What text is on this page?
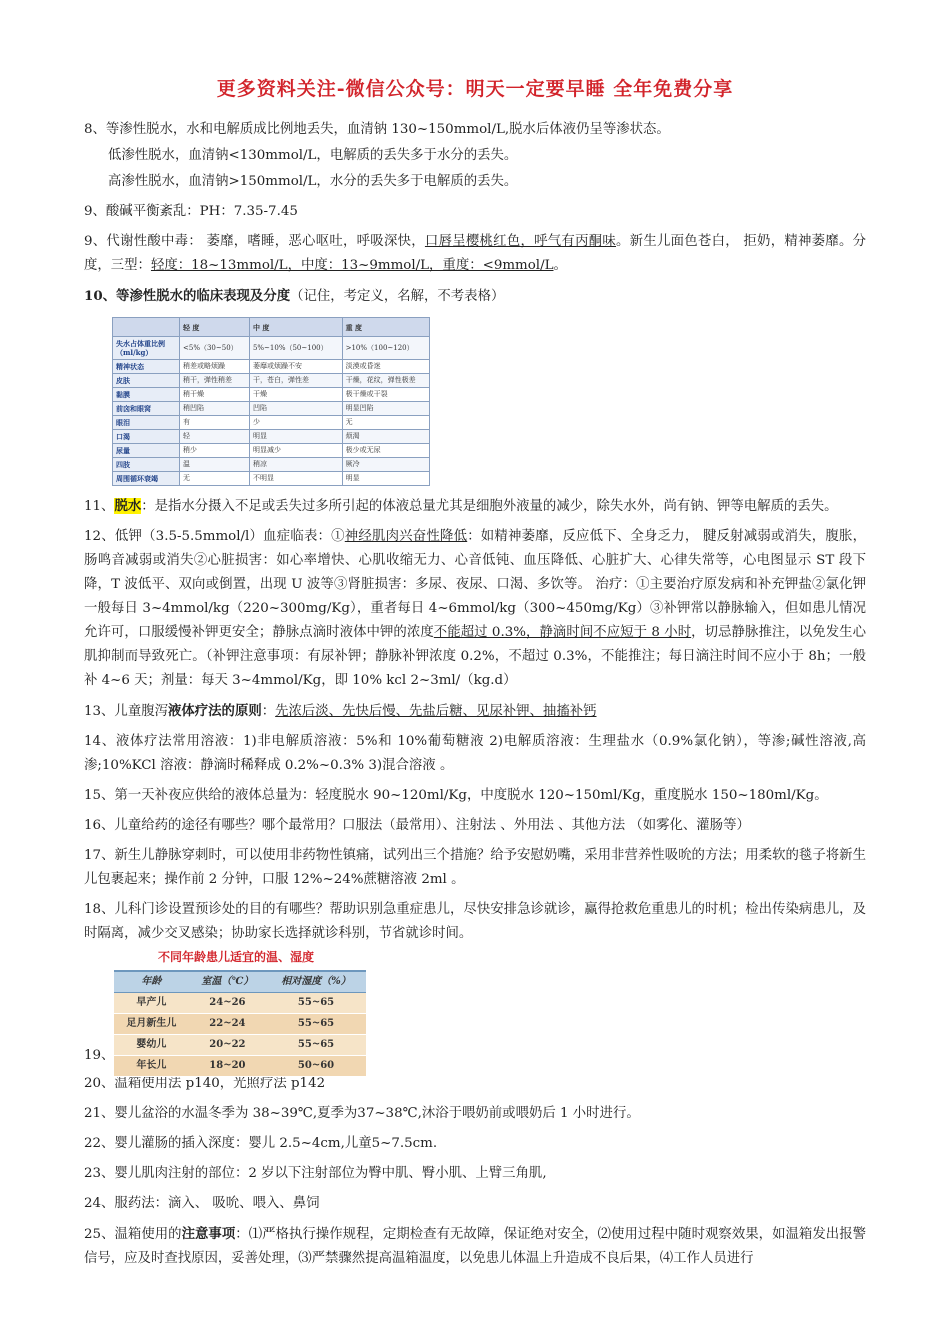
更多资料关注-微信公众号：明天一定要早睡 全年免费分享

8、等渗性脱水，水和电解质成比例地丢失，血清钠 130~150mmol/L,脱水后体液仍呈等渗状态。

低渗性脱水，血清钠<130mmol/L，电解质的丢失多于水分的丢失。

高渗性脱水，血清钠>150mmol/L，水分的丢失多于电解质的丢失。

9、酸碱平衡紊乱：PH：7.35-7.45

9、代谢性酸中毒： 萎靡，嗜睡，恶心呕吐，呼吸深快，口唇呈樱桃红色，呼气有丙酮味。新生儿面色苍白， 拒奶，精神萎靡。分度，三型：轻度：18~13mmol/L，中度：13~9mmol/L，重度：<9mmol/L。

10、等渗性脱水的临床表现及分度（记住，考定义，名解，不考表格）

	轻 度	中 度	重 度
失水占体重比例（ml/kg）	<5%（30~50）	5%~10%（50~100）	>10%（100~120）
精神状态	稍差或略烦躁	萎靡或烦躁不安	淡漠或昏迷
皮肤	稍干，弹性稍差	干，苍白，弹性差	干燥，花纹，弹性极差
黏膜	稍干燥	干燥	极干燥或干裂
前囟和眼窝	稍凹陷	凹陷	明显凹陷
眼泪	有	少	无
口渴	轻	明显	烦渴
尿量	稍少	明显减少	极少或无尿
四肢	温	稍凉	厥冷
周围循环衰竭	无	不明显	明显

11、脱水：是指水分摄入不足或丢失过多所引起的体液总量尤其是细胞外液量的减少，除失水外，尚有钠、钾等电解质的丢失。

12、低钾（3.5-5.5mmol/l）血症临表：①神经肌肉兴奋性降低：如精神萎靡，反应低下、全身乏力， 腱反射减弱或消失，腹胀，肠鸣音减弱或消失②心脏损害：如心率增快、心肌收缩无力、心音低钝、血压降低、心脏扩大、心律失常等，心电图显示 ST 段下降，T 波低平、双向或倒置，出现 U 波等③肾脏损害：多尿、夜尿、口渴、多饮等。 治疗：①主要治疗原发病和补充钾盐②氯化钾一般每日 3~4mmol/kg（220~300mg/Kg），重者每日 4~6mmol/kg（300~450mg/Kg）③补钾常以静脉输入，但如患儿情况允许可，口服缓慢补钾更安全；静脉点滴时液体中钾的浓度不能超过 0.3%，静滴时间不应短于 8 小时，切忌静脉推注，以免发生心肌抑制而导致死亡。（补钾注意事项：有尿补钾；静脉补钾浓度 0.2%，不超过 0.3%，不能推注；每日滴注时间不应小于 8h；一般补 4~6 天；剂量：每天 3~4mmol/Kg，即 10% kcl 2~3ml/（kg.d）

13、儿童腹泻液体疗法的原则：先浓后淡、先快后慢、先盐后糖、见尿补钾、抽搐补钙

14、液体疗法常用溶液：1)非电解质溶液：5%和 10%葡萄糖液 2)电解质溶液：生理盐水（0.9%氯化钠），等渗;碱性溶液,高渗;10%KCl 溶液：静滴时稀释成 0.2%~0.3% 3)混合溶液 。

15、第一天补夜应供给的液体总量为：轻度脱水 90~120ml/Kg，中度脱水 120~150ml/Kg，重度脱水 150~180ml/Kg。

16、儿童给药的途径有哪些？哪个最常用？口服法（最常用）、注射法 、外用法 、其他方法 （如雾化、灌肠等）

17、新生儿静脉穿刺时，可以使用非药物性镇痛，试列出三个措施？给予安慰奶嘴，采用非营养性吸吮的方法；用柔软的毯子将新生儿包裹起来；操作前 2 分钟，口服 12%~24%蔗糖溶液 2ml 。

18、儿科门诊设置预诊处的目的有哪些？帮助识别急重症患儿，尽快安排急诊就诊，赢得抢救危重患儿的时机；检出传染病患儿，及时隔离，减少交叉感染；协助家长选择就诊科别，节省就诊时间。

19、
不同年龄患儿适宜的温、湿度
年龄	室温（℃）	相对湿度（%）
早产儿	24~26	55~65
足月新生儿	22~24	55~65
婴幼儿	20~22	55~65
年长儿	18~20	50~60

20、温箱使用法 p140，光照疗法 p142

21、婴儿盆浴的水温冬季为 38~39℃,夏季为37~38℃,沐浴于喂奶前或喂奶后 1 小时进行。

22、婴儿灌肠的插入深度：婴儿 2.5~4cm,儿童5~7.5cm.

23、婴儿肌肉注射的部位：2 岁以下注射部位为臀中肌、臀小肌、上臂三角肌,

24、服药法：滴入、 吸吮、喂入、鼻饲

25、温箱使用的注意事项：⑴严格执行操作规程，定期检查有无故障，保证绝对安全，⑵使用过程中随时观察效果，如温箱发出报警信号，应及时查找原因，妥善处理，⑶严禁骤然提高温箱温度，以免患儿体温上升造成不良后果，⑷工作人员进行
